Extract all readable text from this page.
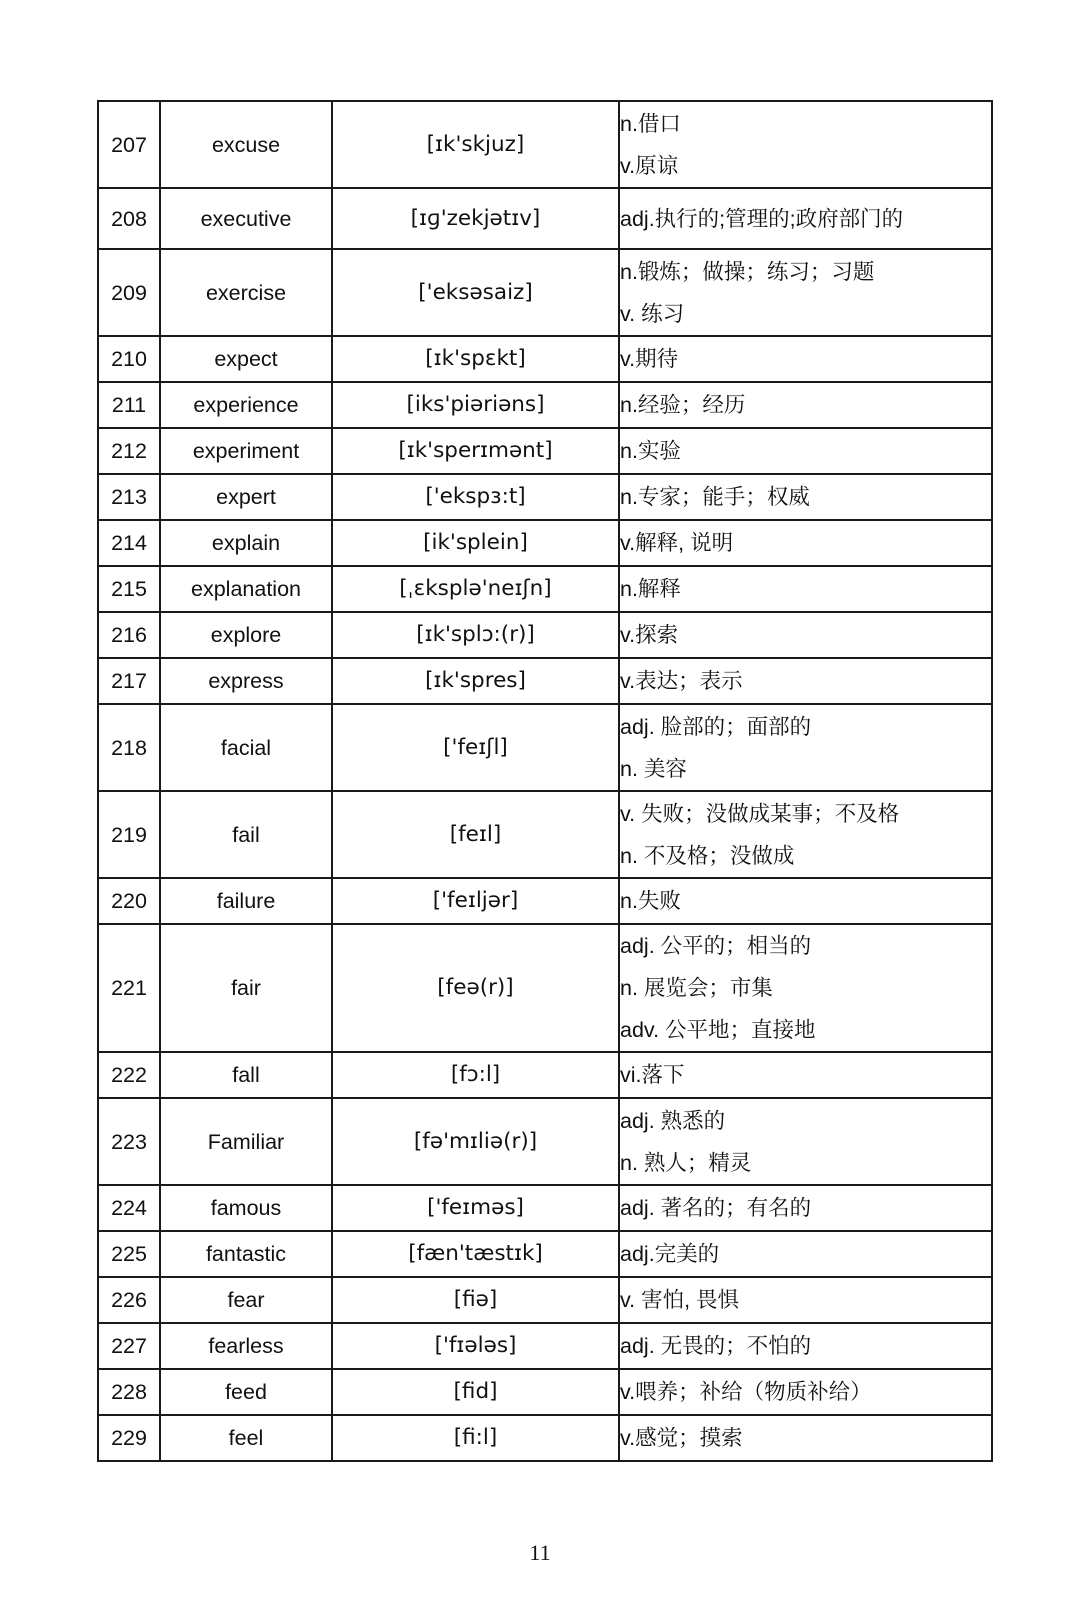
207	excuse	[ɪk'skjuz]	n.借口
v.原谅

208	executive	[ɪɡ'zekjətɪv]	adj.执行的;管理的;政府部门的

209	exercise	['eksəsaiz]	n.锻炼；做操；练习；习题
v. 练习

210	expect	[ɪk'spɛkt]	v.期待

211	experience	[iks'piəriəns]	n.经验；经历

212	experiment	[ɪk'sperɪmənt]	n.实验

213	expert	['ekspɜ:t]	n.专家；能手；权威

214	explain	[ik'splein]	v.解释, 说明

215	explanation	[ˌɛksplə'neɪʃn]	n.解释

216	explore	[ɪk'splɔ:(r)]	v.探索

217	express	[ɪk'spres]	v.表达；表示

218	facial	['feɪʃl]	adj. 脸部的；面部的
n. 美容

219	fail	[feɪl]	v. 失败；没做成某事；不及格
n. 不及格；没做成

220	failure	['feɪljər]	n.失败

221	fair	[feə(r)]	adj. 公平的；相当的
n. 展览会；市集
adv. 公平地；直接地

222	fall	[fɔ:l]	vi.落下

223	Familiar	[fə'mɪliə(r)]	adj. 熟悉的
n. 熟人；精灵

224	famous	['feɪməs]	adj. 著名的；有名的

225	fantastic	[fæn'tæstɪk]	adj.完美的

226	fear	[fiə]	v. 害怕, 畏惧

227	fearless	['fɪələs]	adj. 无畏的；不怕的

228	feed	[fid]	v.喂养；补给（物质补给）

229	feel	[fi:l]	v.感觉；摸索
11
